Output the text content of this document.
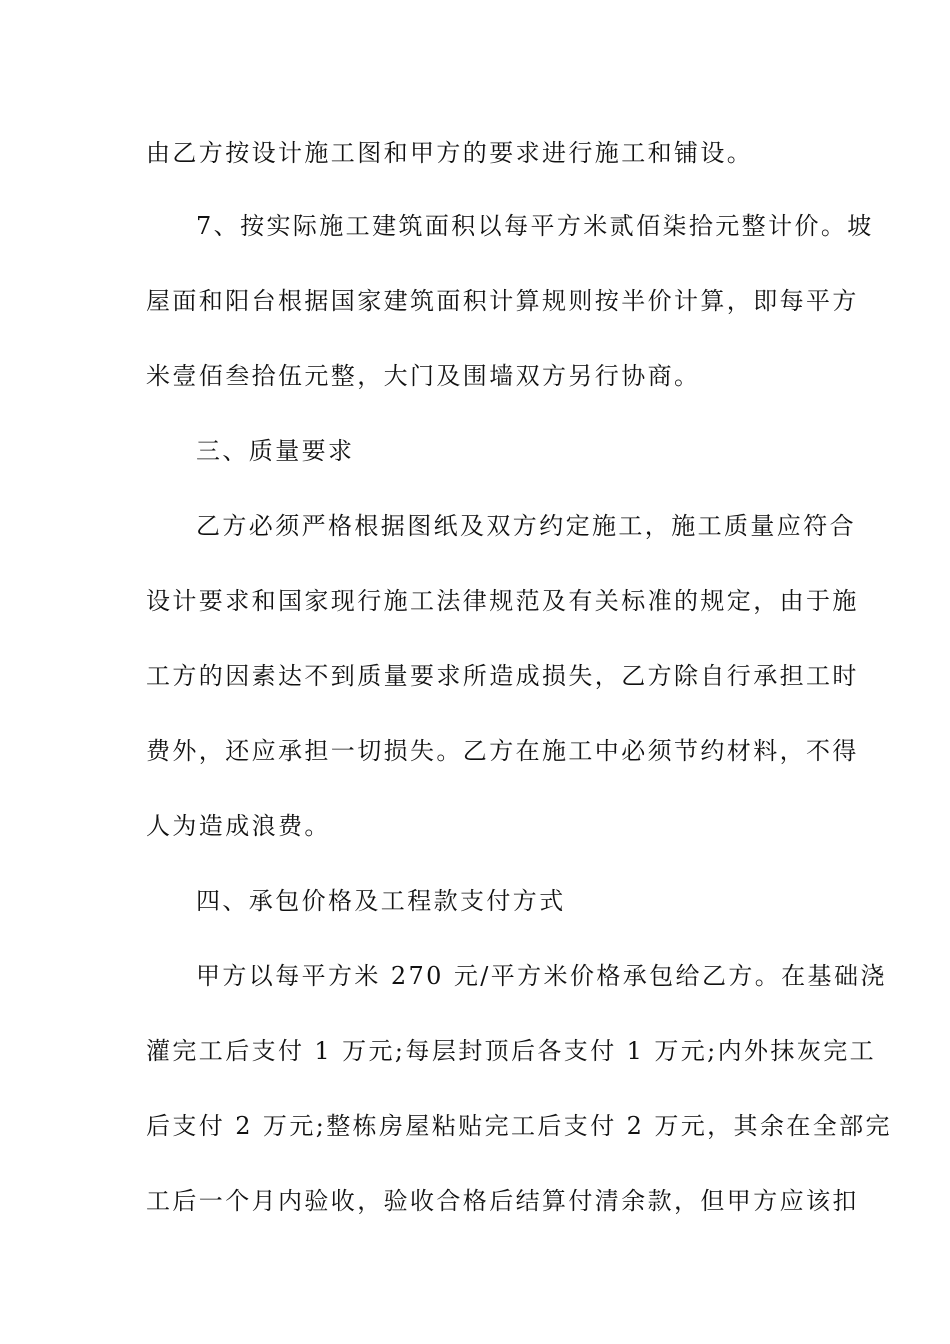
由乙方按设计施工图和甲方的要求进行施工和铺设。
7、按实际施工建筑面积以每平方米贰佰柒拾元整计价。坡
屋面和阳台根据国家建筑面积计算规则按半价计算，即每平方
米壹佰叁拾伍元整，大门及围墙双方另行协商。
三、质量要求
乙方必须严格根据图纸及双方约定施工，施工质量应符合
设计要求和国家现行施工法律规范及有关标准的规定，由于施
工方的因素达不到质量要求所造成损失，乙方除自行承担工时
费外，还应承担一切损失。乙方在施工中必须节约材料，不得
人为造成浪费。
四、承包价格及工程款支付方式
甲方以每平方米 270 元/平方米价格承包给乙方。在基础浇
灌完工后支付 1 万元;每层封顶后各支付 1 万元;内外抹灰完工
后支付 2 万元;整栋房屋粘贴完工后支付 2 万元，其余在全部完
工后一个月内验收，验收合格后结算付清余款，但甲方应该扣
